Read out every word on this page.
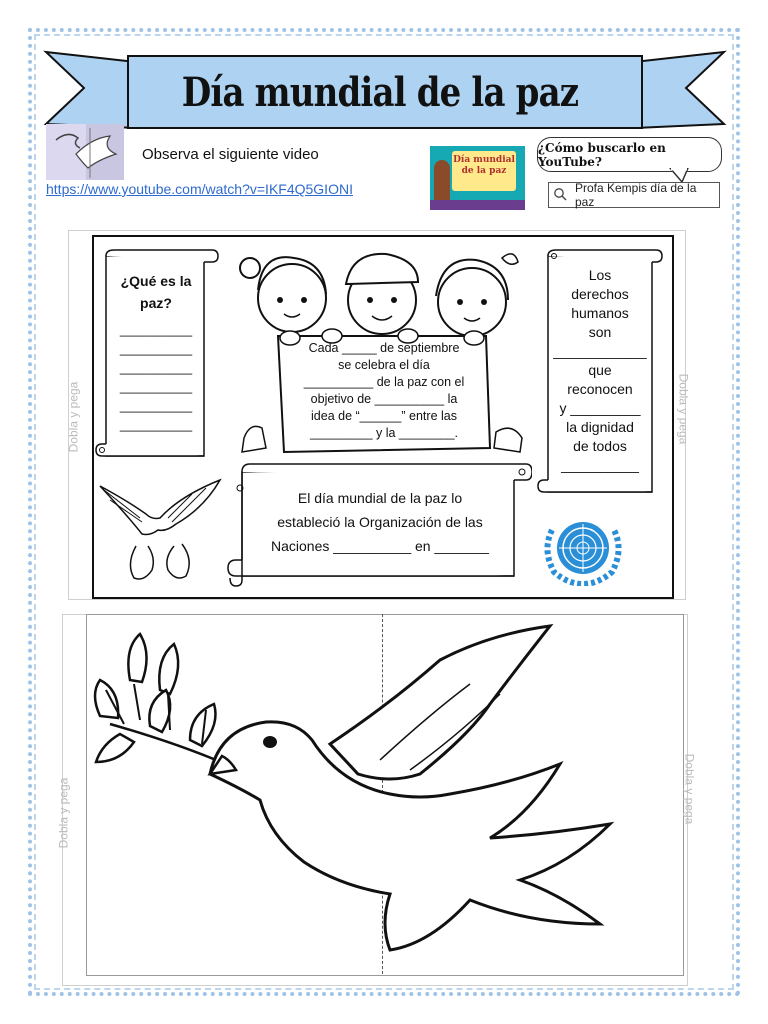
Día mundial de la paz
Observa el siguiente video
https://www.youtube.com/watch?v=IKF4Q5GIONI
Día mundial de la paz
¿Cómo buscarlo en YouTube?
Profa Kempis día de la paz
Dobla y pega	Dobla y pega
¿Qué es la paz?
__________
__________
__________
__________
__________
__________
Cada _____ de septiembre
se celebra el día
__________ de la paz con el
objetivo de __________ la
idea de “______” entre las
_________ y la ________.
Los
derechos
humanos
son
____________
que
reconocen
y _________
la dignidad
de todos
__________
El día mundial de la paz lo
estableció la Organización de las
Naciones __________ en _______
Dobla y pega	Dobla y pega
